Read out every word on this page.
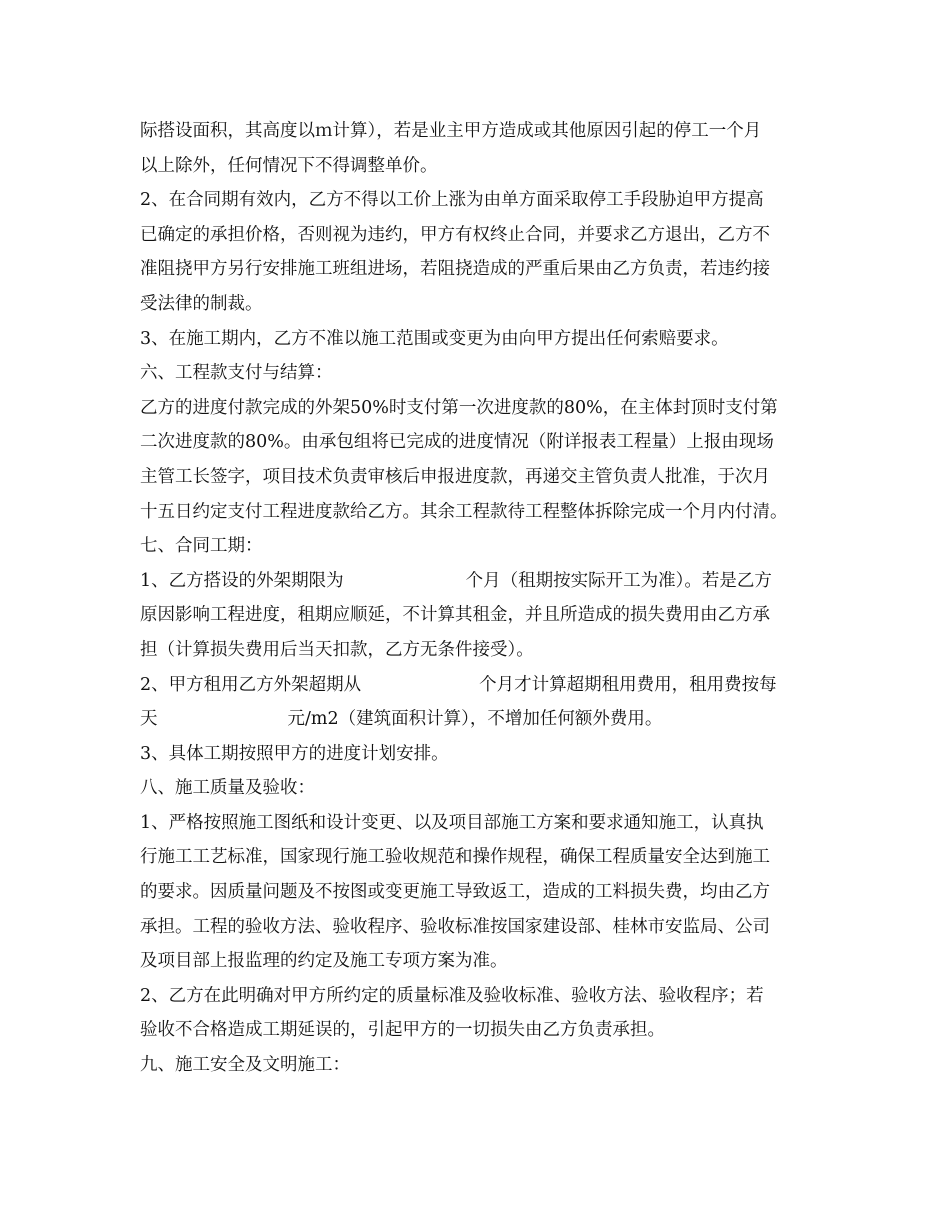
际搭设面积，其高度以ｍ计算），若是业主甲方造成或其他原因引起的停工一个月
以上除外，任何情况下不得调整单价。
2、在合同期有效内，乙方不得以工价上涨为由单方面采取停工手段胁迫甲方提高
已确定的承担价格，否则视为违约，甲方有权终止合同，并要求乙方退出，乙方不
准阻挠甲方另行安排施工班组进场，若阻挠造成的严重后果由乙方负责，若违约接
受法律的制裁。
3、在施工期内，乙方不准以施工范围或变更为由向甲方提出任何索赔要求。
六、工程款支付与结算：
乙方的进度付款完成的外架50%时支付第一次进度款的80%，在主体封顶时支付第
二次进度款的80%。由承包组将已完成的进度情况（附详报表工程量）上报由现场
主管工长签字，项目技术负责审核后申报进度款，再递交主管负责人批准，于次月
十五日约定支付工程进度款给乙方。其余工程款待工程整体拆除完成一个月内付清。
七、合同工期：
1、乙方搭设的外架期限为	个月（租期按实际开工为准）。若是乙方
原因影响工程进度，租期应顺延，不计算其租金，并且所造成的损失费用由乙方承
担（计算损失费用后当天扣款，乙方无条件接受）。
2、甲方租用乙方外架超期从	个月才计算超期租用费用，租用费按每
天	元/m2（建筑面积计算），不增加任何额外费用。
3、具体工期按照甲方的进度计划安排。
八、施工质量及验收：
1、严格按照施工图纸和设计变更、以及项目部施工方案和要求通知施工，认真执
行施工工艺标准，国家现行施工验收规范和操作规程，确保工程质量安全达到施工
的要求。因质量问题及不按图或变更施工导致返工，造成的工料损失费，均由乙方
承担。工程的验收方法、验收程序、验收标准按国家建设部、桂林市安监局、公司
及项目部上报监理的约定及施工专项方案为准。
2、乙方在此明确对甲方所约定的质量标准及验收标准、验收方法、验收程序；若
验收不合格造成工期延误的，引起甲方的一切损失由乙方负责承担。
九、施工安全及文明施工：
